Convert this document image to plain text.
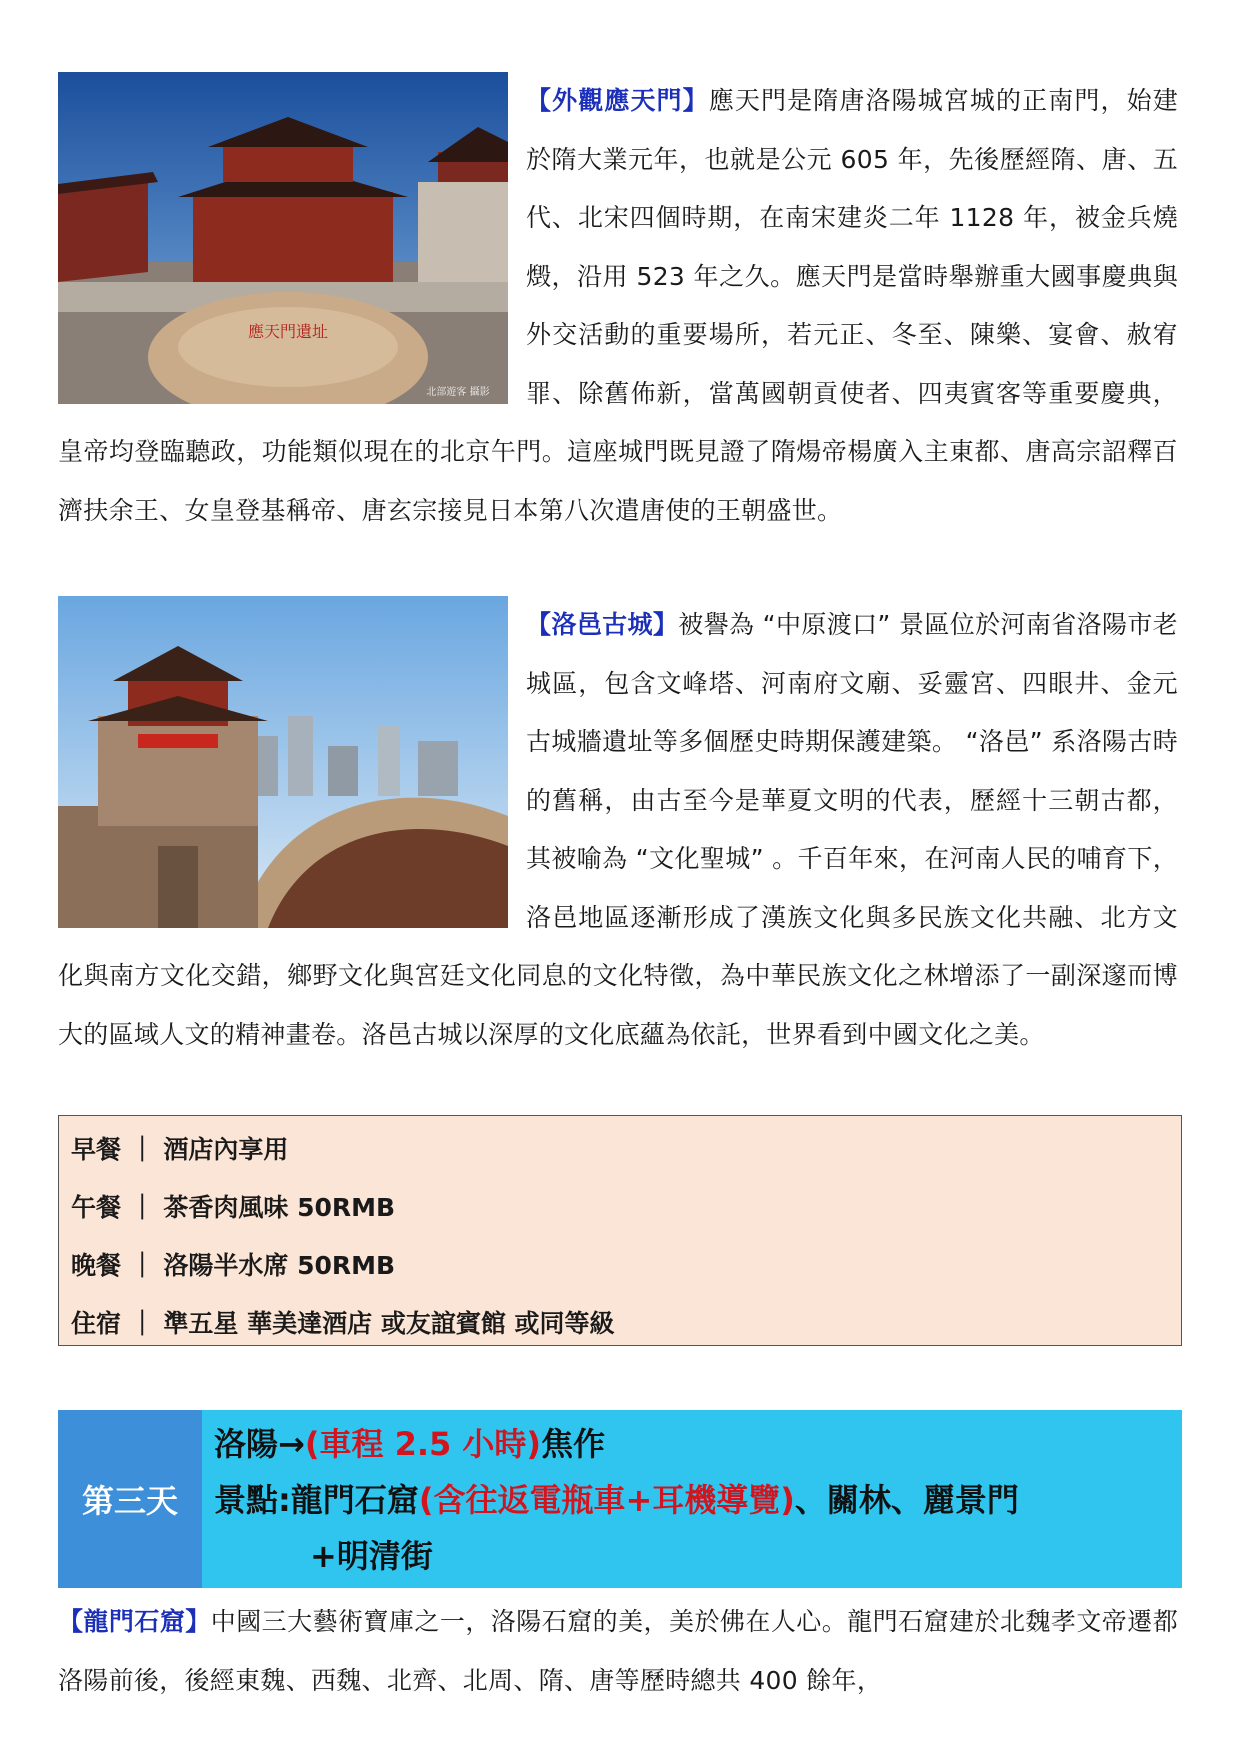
應天門遺址
北部遊客 攝影

【外觀應天門】應天門是隋唐洛陽城宮城的正南門，始建於隋大業元年，也就是公元 605 年，先後歷經隋、唐、五代、北宋四個時期，在南宋建炎二年 1128 年，被金兵燒燬，沿用 523 年之久。應天門是當時舉辦重大國事慶典與外交活動的重要場所，若元正、冬至、陳樂、宴會、赦宥罪、除舊佈新，當萬國朝貢使者、四夷賓客等重要慶典，皇帝均登臨聽政，功能類似現在的北京午門。這座城門既見證了隋煬帝楊廣入主東都、唐高宗詔釋百濟扶余王、女皇登基稱帝、唐玄宗接見日本第八次遣唐使的王朝盛世。

【洛邑古城】被譽為 “中原渡口” 景區位於河南省洛陽市老城區，包含文峰塔、河南府文廟、妥靈宮、四眼井、金元古城牆遺址等多個歷史時期保護建築。 “洛邑” 系洛陽古時的舊稱，由古至今是華夏文明的代表，歷經十三朝古都，其被喻為 “文化聖城” 。千百年來，在河南人民的哺育下，洛邑地區逐漸形成了漢族文化與多民族文化共融、北方文化與南方文化交錯，鄉野文化與宮廷文化同息的文化特徵，為中華民族文化之林增添了一副深邃而博大的區域人文的精神畫卷。洛邑古城以深厚的文化底蘊為依託，世界看到中國文化之美。

早餐 ｜ 酒店內享用
午餐 ｜ 茶香肉風味 50RMB
晚餐 ｜ 洛陽半水席 50RMB
住宿 ｜ 準五星 華美達酒店 或友誼賓館 或同等級
第三天
洛陽→(車程 2.5 小時)焦作
景點:龍門石窟(含往返電瓶車+耳機導覽)、關林、麗景門
+明清街

【龍門石窟】中國三大藝術寶庫之一，洛陽石窟的美，美於佛在人心。龍門石窟建於北魏孝文帝遷都洛陽前後，後經東魏、西魏、北齊、北周、隋、唐等歷時總共 400 餘年，
